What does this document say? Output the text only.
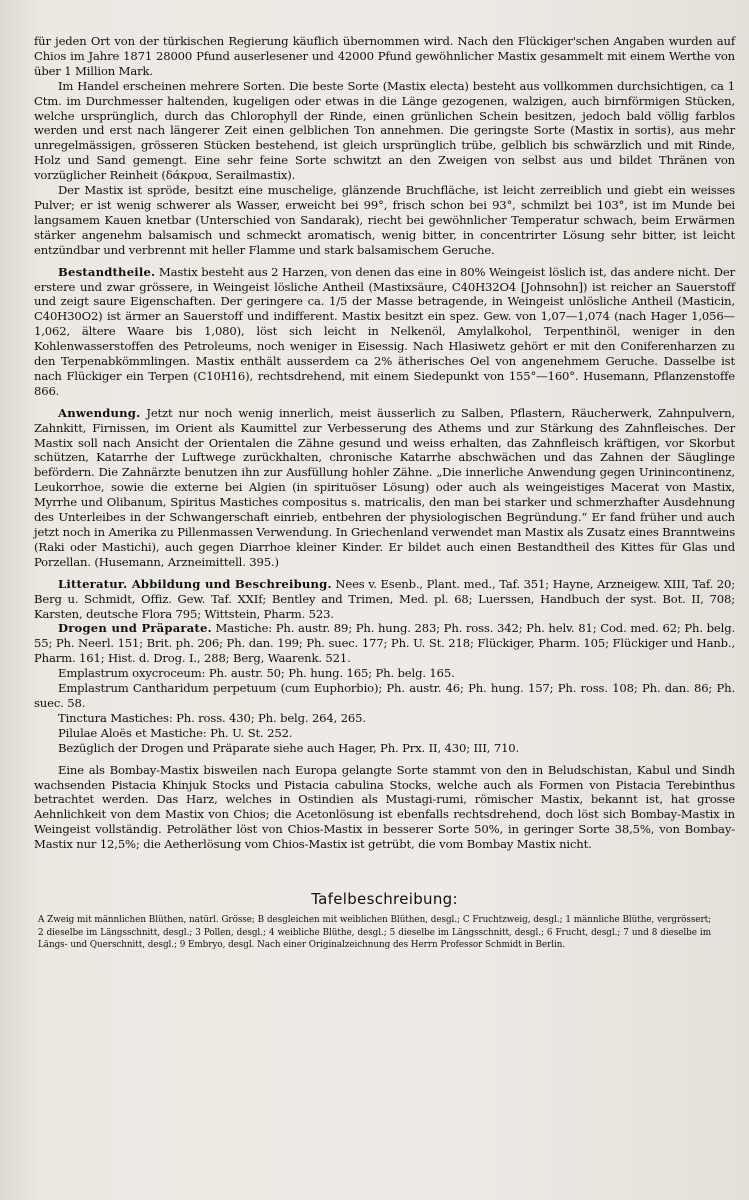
für jeden Ort von der türkischen Regierung käuflich übernommen wird. Nach den Flückiger'schen Angaben wurden auf Chios im Jahre 1871 28000 Pfund auserlesener und 42000 Pfund gewöhnlicher Mastix gesammelt mit einem Werthe von über 1 Million Mark.

Im Handel erscheinen mehrere Sorten. Die beste Sorte (Mastix electa) besteht aus vollkommen durchsichtigen, ca 1 Ctm. im Durchmesser haltenden, kugeligen oder etwas in die Länge gezogenen, walzigen, auch birnförmigen Stücken, welche ursprünglich, durch das Chlorophyll der Rinde, einen grünlichen Schein besitzen, jedoch bald völlig farblos werden und erst nach längerer Zeit einen gelblichen Ton annehmen. Die geringste Sorte (Mastix in sortis), aus mehr unregelmässigen, grösseren Stücken bestehend, ist gleich ursprünglich trübe, gelblich bis schwärzlich und mit Rinde, Holz und Sand gemengt. Eine sehr feine Sorte schwitzt an den Zweigen von selbst aus und bildet Thränen von vorzüglicher Reinheit (δάκρυα, Serailmastix).

Der Mastix ist spröde, besitzt eine muschelige, glänzende Bruchfläche, ist leicht zerreiblich und giebt ein weisses Pulver; er ist wenig schwerer als Wasser, erweicht bei 99°, frisch schon bei 93°, schmilzt bei 103°, ist im Munde bei langsamem Kauen knetbar (Unterschied von Sandarak), riecht bei gewöhnlicher Temperatur schwach, beim Erwärmen stärker angenehm balsamisch und schmeckt aromatisch, wenig bitter, in concentrirter Lösung sehr bitter, ist leicht entzündbar und verbrennt mit heller Flamme und stark balsamischem Geruche.

Bestandtheile. Mastix besteht aus 2 Harzen, von denen das eine in 80% Weingeist löslich ist, das andere nicht. Der erstere und zwar grössere, in Weingeist lösliche Antheil (Mastixsäure, C40H32O4 [Johnsohn]) ist reicher an Sauerstoff und zeigt saure Eigenschaften. Der geringere ca. 1/5 der Masse betragende, in Weingeist unlösliche Antheil (Masticin, C40H30O2) ist ärmer an Sauerstoff und indifferent. Mastix besitzt ein spez. Gew. von 1,07—1,074 (nach Hager 1,056—1,062, ältere Waare bis 1,080), löst sich leicht in Nelkenöl, Amylalkohol, Terpenthinöl, weniger in den Kohlenwasserstoffen des Petroleums, noch weniger in Eisessig. Nach Hlasiwetz gehört er mit den Coniferenharzen zu den Terpenabkömmlingen. Mastix enthält ausserdem ca 2% ätherisches Oel von angenehmem Geruche. Dasselbe ist nach Flückiger ein Terpen (C10H16), rechtsdrehend, mit einem Siedepunkt von 155°—160°. Husemann, Pflanzenstoffe 866.

Anwendung. Jetzt nur noch wenig innerlich, meist äusserlich zu Salben, Pflastern, Räucherwerk, Zahnpulvern, Zahnkitt, Firnissen, im Orient als Kaumittel zur Verbesserung des Athems und zur Stärkung des Zahnfleisches. Der Mastix soll nach Ansicht der Orientalen die Zähne gesund und weiss erhalten, das Zahnfleisch kräftigen, vor Skorbut schützen, Katarrhe der Luftwege zurückhalten, chronische Katarrhe abschwächen und das Zahnen der Säuglinge befördern. Die Zahnärzte benutzen ihn zur Ausfüllung hohler Zähne. „Die innerliche Anwendung gegen Urinincontinenz, Leukorrhoe, sowie die externe bei Algien (in spirituöser Lösung) oder auch als weingeistiges Macerat von Mastix, Myrrhe und Olibanum, Spiritus Mastiches compositus s. matricalis, den man bei starker und schmerzhafter Ausdehnung des Unterleibes in der Schwangerschaft einrieb, entbehren der physiologischen Begründung.“ Er fand früher und auch jetzt noch in Amerika zu Pillenmassen Verwendung. In Griechenland verwendet man Mastix als Zusatz eines Branntweins (Raki oder Mastichi), auch gegen Diarrhoe kleiner Kinder. Er bildet auch einen Bestandtheil des Kittes für Glas und Porzellan. (Husemann, Arzneimittell. 395.)

Litteratur. Abbildung und Beschreibung. Nees v. Esenb., Plant. med., Taf. 351; Hayne, Arzneigew. XIII, Taf. 20; Berg u. Schmidt, Offiz. Gew. Taf. XXIf; Bentley and Trimen, Med. pl. 68; Luerssen, Handbuch der syst. Bot. II, 708; Karsten, deutsche Flora 795; Wittstein, Pharm. 523.

Drogen und Präparate. Mastiche: Ph. austr. 89; Ph. hung. 283; Ph. ross. 342; Ph. helv. 81; Cod. med. 62; Ph. belg. 55; Ph. Neerl. 151; Brit. ph. 206; Ph. dan. 199; Ph. suec. 177; Ph. U. St. 218; Flückiger, Pharm. 105; Flückiger und Hanb., Pharm. 161; Hist. d. Drog. I., 288; Berg, Waarenk. 521.

Emplastrum oxycroceum: Ph. austr. 50; Ph. hung. 165; Ph. belg. 165.

Emplastrum Cantharidum perpetuum (cum Euphorbio); Ph. austr. 46; Ph. hung. 157; Ph. ross. 108; Ph. dan. 86; Ph. suec. 58.

Tinctura Mastiches: Ph. ross. 430; Ph. belg. 264, 265.

Pilulae Aloës et Mastiche: Ph. U. St. 252.

Bezüglich der Drogen und Präparate siehe auch Hager, Ph. Prx. II, 430; III, 710.

Eine als Bombay-Mastix bisweilen nach Europa gelangte Sorte stammt von den in Beludschistan, Kabul und Sindh wachsenden Pistacia Khinjuk Stocks und Pistacia cabulina Stocks, welche auch als Formen von Pistacia Terebinthus betrachtet werden. Das Harz, welches in Ostindien als Mustagi-rumi, römischer Mastix, bekannt ist, hat grosse Aehnlichkeit von dem Mastix von Chios; die Acetonlösung ist ebenfalls rechtsdrehend, doch löst sich Bombay-Mastix in Weingeist vollständig. Petroläther löst von Chios-Mastix in besserer Sorte 50%, in geringer Sorte 38,5%, von Bombay-Mastix nur 12,5%; die Aetherlösung vom Chios-Mastix ist getrübt, die vom Bombay Mastix nicht.

Tafelbeschreibung:
A Zweig mit männlichen Blüthen, natürl. Grösse; B desgleichen mit weiblichen Blüthen, desgl.; C Fruchtzweig, desgl.; 1 männliche Blüthe, vergrössert; 2 dieselbe im Längsschnitt, desgl.; 3 Pollen, desgl.; 4 weibliche Blüthe, desgl.; 5 dieselbe im Längsschnitt, desgl.; 6 Frucht, desgl.; 7 und 8 dieselbe im Längs- und Querschnitt, desgl.; 9 Embryo, desgl. Nach einer Originalzeichnung des Herrn Professor Schmidt in Berlin.
